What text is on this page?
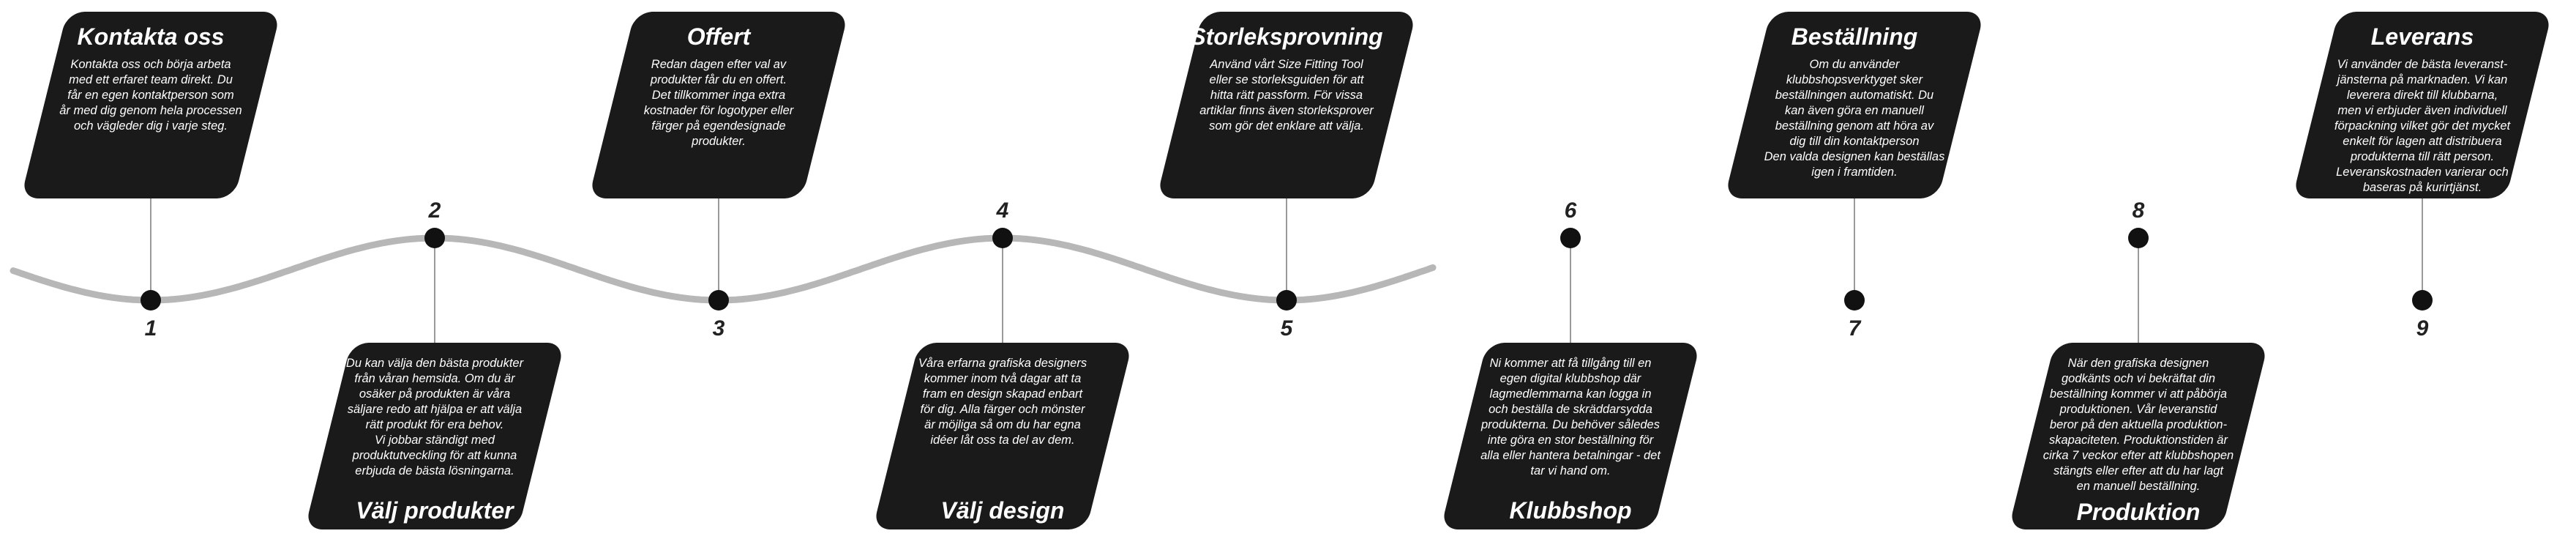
1
Kontakta oss
Kontakta oss och börja arbeta
med ett erfaret team direkt. Du
får en egen kontaktperson som
år med dig genom hela processen
och vägleder dig i varje steg.
2
Du kan välja den bästa produkter
från våran hemsida. Om du är
osäker på produkten är våra
säljare redo att hjälpa er att välja
rätt produkt för era behov.
Vi jobbar ständigt med
produktutveckling för att kunna
erbjuda de bästa lösningarna.
Välj produkter
3
Offert
Redan dagen efter val av
produkter får du en offert.
Det tillkommer inga extra
kostnader för logotyper eller
färger på egendesignade
produkter.
4
Våra erfarna grafiska designers
kommer inom två dagar att ta
fram en design skapad enbart
för dig. Alla färger och mönster
är möjliga så om du har egna
idéer låt oss ta del av dem.
Välj design
5
Storleksprovning
Använd vårt Size Fitting Tool
eller se storleksguiden för att
hitta rätt passform. För vissa
artiklar finns även storleksprover
som gör det enklare att välja.
6
Ni kommer att få tillgång till en
egen digital klubbshop där
lagmedlemmarna kan logga in
och beställa de skräddarsydda
produkterna. Du behöver således
inte göra en stor beställning för
alla eller hantera betalningar - det
tar vi hand om.
Klubbshop
7
Beställning
Om du använder
klubbshopsverktyget sker
beställningen automatiskt. Du
kan även göra en manuell
beställning genom att höra av
dig till din kontaktperson
Den valda designen kan beställas
igen i framtiden.
8
När den grafiska designen
godkänts och vi bekräftat din
beställning kommer vi att påbörja
produktionen. Vår leveranstid
beror på den aktuella produktion-
skapaciteten. Produktionstiden är
cirka 7 veckor efter att klubbshopen
stängts eller efter att du har lagt
en manuell beställning.
Produktion
9
Leverans
Vi använder de bästa leveranst-
jänsterna på marknaden. Vi kan
leverera direkt till klubbarna,
men vi erbjuder även individuell
förpackning vilket gör det mycket
enkelt för lagen att distribuera
produkterna till rätt person.
Leveranskostnaden varierar och
baseras på kurirtjänst.
